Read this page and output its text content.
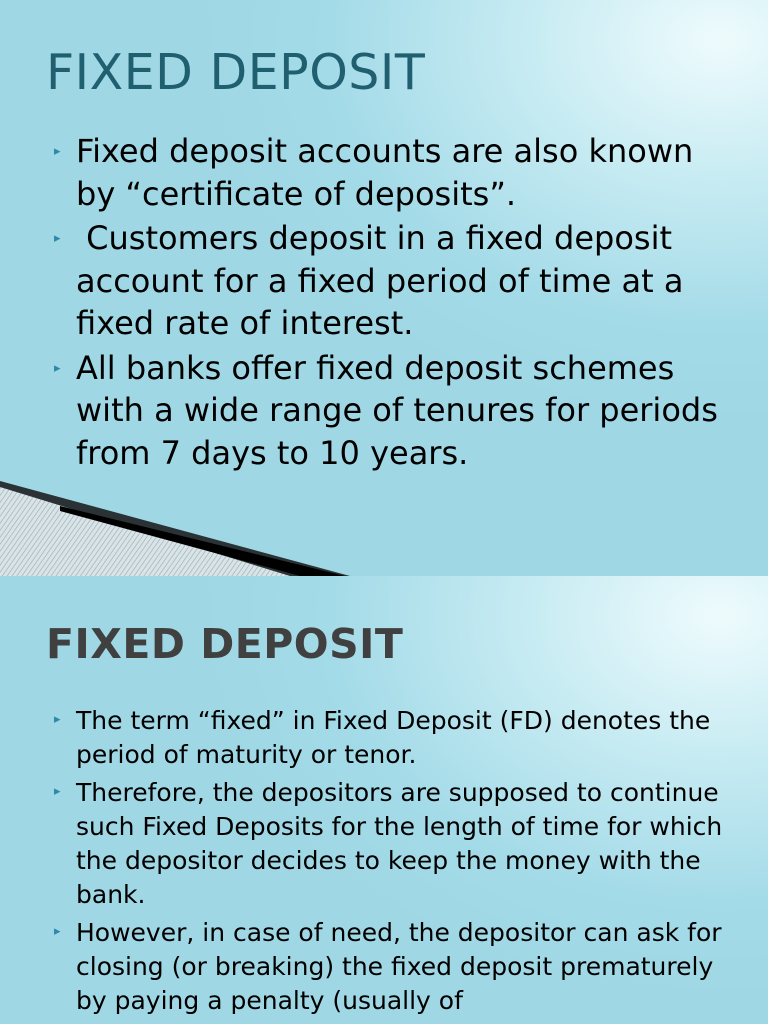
FIXED DEPOSIT
▸ Fixed deposit accounts are also known by “certificate of deposits”.
▸ Customers deposit in a fixed deposit account for a fixed period of time at a fixed rate of interest.
▸ All banks offer fixed deposit schemes with a wide range of tenures for periods from 7 days to 10 years.
FIXED DEPOSIT
▸ The term “fixed” in Fixed Deposit (FD) denotes the period of maturity or tenor.
▸ Therefore, the depositors are supposed to continue such Fixed Deposits for the length of time for which the depositor decides to keep the money with the bank.
▸ However, in case of need, the depositor can ask for closing (or breaking) the fixed deposit prematurely by paying a penalty (usually of
